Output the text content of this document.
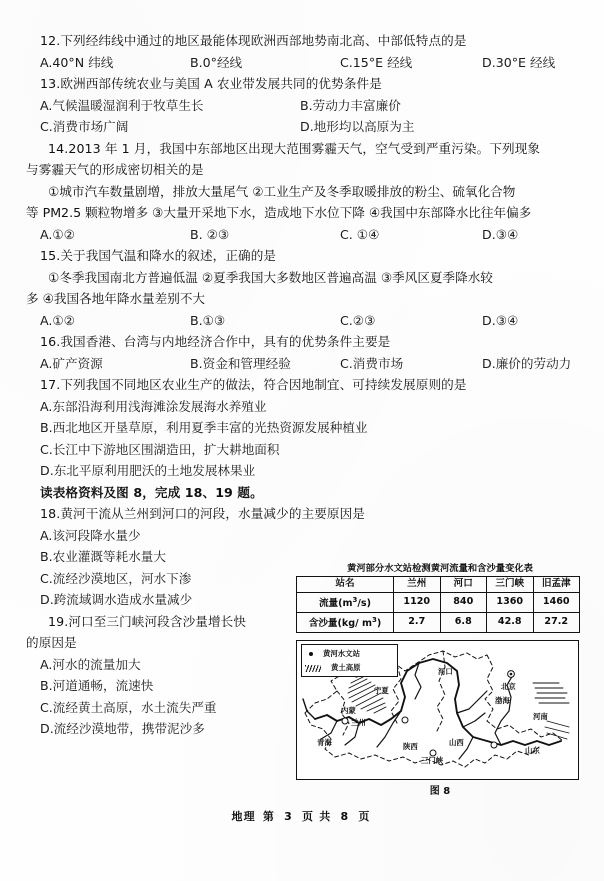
12.下列经纬线中通过的地区最能体现欧洲西部地势南北高、中部低特点的是
A.40°N 纬线	B.0°经线	C.15°E 经线	D.30°E 经线
13.欧洲西部传统农业与美国 A 农业带发展共同的优势条件是
A.气候温暖湿润利于牧草生长	B.劳动力丰富廉价
C.消费市场广阔	D.地形均以高原为主
14.2013 年 1 月，我国中东部地区出现大范围雾霾天气，空气受到严重污染。下列现象
与雾霾天气的形成密切相关的是
①城市汽车数量剧增，排放大量尾气 ②工业生产及冬季取暖排放的粉尘、硫氧化合物
等 PM2.5 颗粒物增多 ③大量开采地下水，造成地下水位下降 ④我国中东部降水比往年偏多
A.①②	B. ②③	C. ①④	D.③④
15.关于我国气温和降水的叙述，正确的是
①冬季我国南北方普遍低温 ②夏季我国大多数地区普遍高温 ③季风区夏季降水较
多 ④我国各地年降水量差别不大
A.①②	B.①③	C.②③	D.③④
16.我国香港、台湾与内地经济合作中，具有的优势条件主要是
A.矿产资源	B.资金和管理经验	C.消费市场	D.廉价的劳动力
17.下列我国不同地区农业生产的做法，符合因地制宜、可持续发展原则的是
A.东部沿海利用浅海滩涂发展海水养殖业
B.西北地区开垦草原，利用夏季丰富的光热资源发展种植业
C.长江中下游地区围湖造田，扩大耕地面积
D.东北平原利用肥沃的土地发展林果业
读表格资料及图 8，完成 18、19 题。
18.黄河干流从兰州到河口的河段，水量减少的主要原因是
A.该河段降水量少
B.农业灌溉等耗水量大
C.流经沙漠地区，河水下渗
D.跨流域调水造成水量减少
19.河口至三门峡河段含沙量增长快
的原因是
A.河水的流量加大
B.河道通畅，流速快
C.流经黄土高原，水土流失严重
D.流经沙漠地带，携带泥沙多
黄河部分水文站检测黄河流量和含沙量变化表
站名	兰州	河口	三门峡	旧孟津
流量$(m^3/s)$	1120	840	1360	1460
含沙量(kg/ $m^3$)	2.7	6.8	42.8	27.2
河口
兰州
北京
宁夏
内蒙
青海	山西
陕西
河南
山东
三门峡
渤海
黄河水文站
黄土高原
图 8
地理 第 3 页 共 8 页
